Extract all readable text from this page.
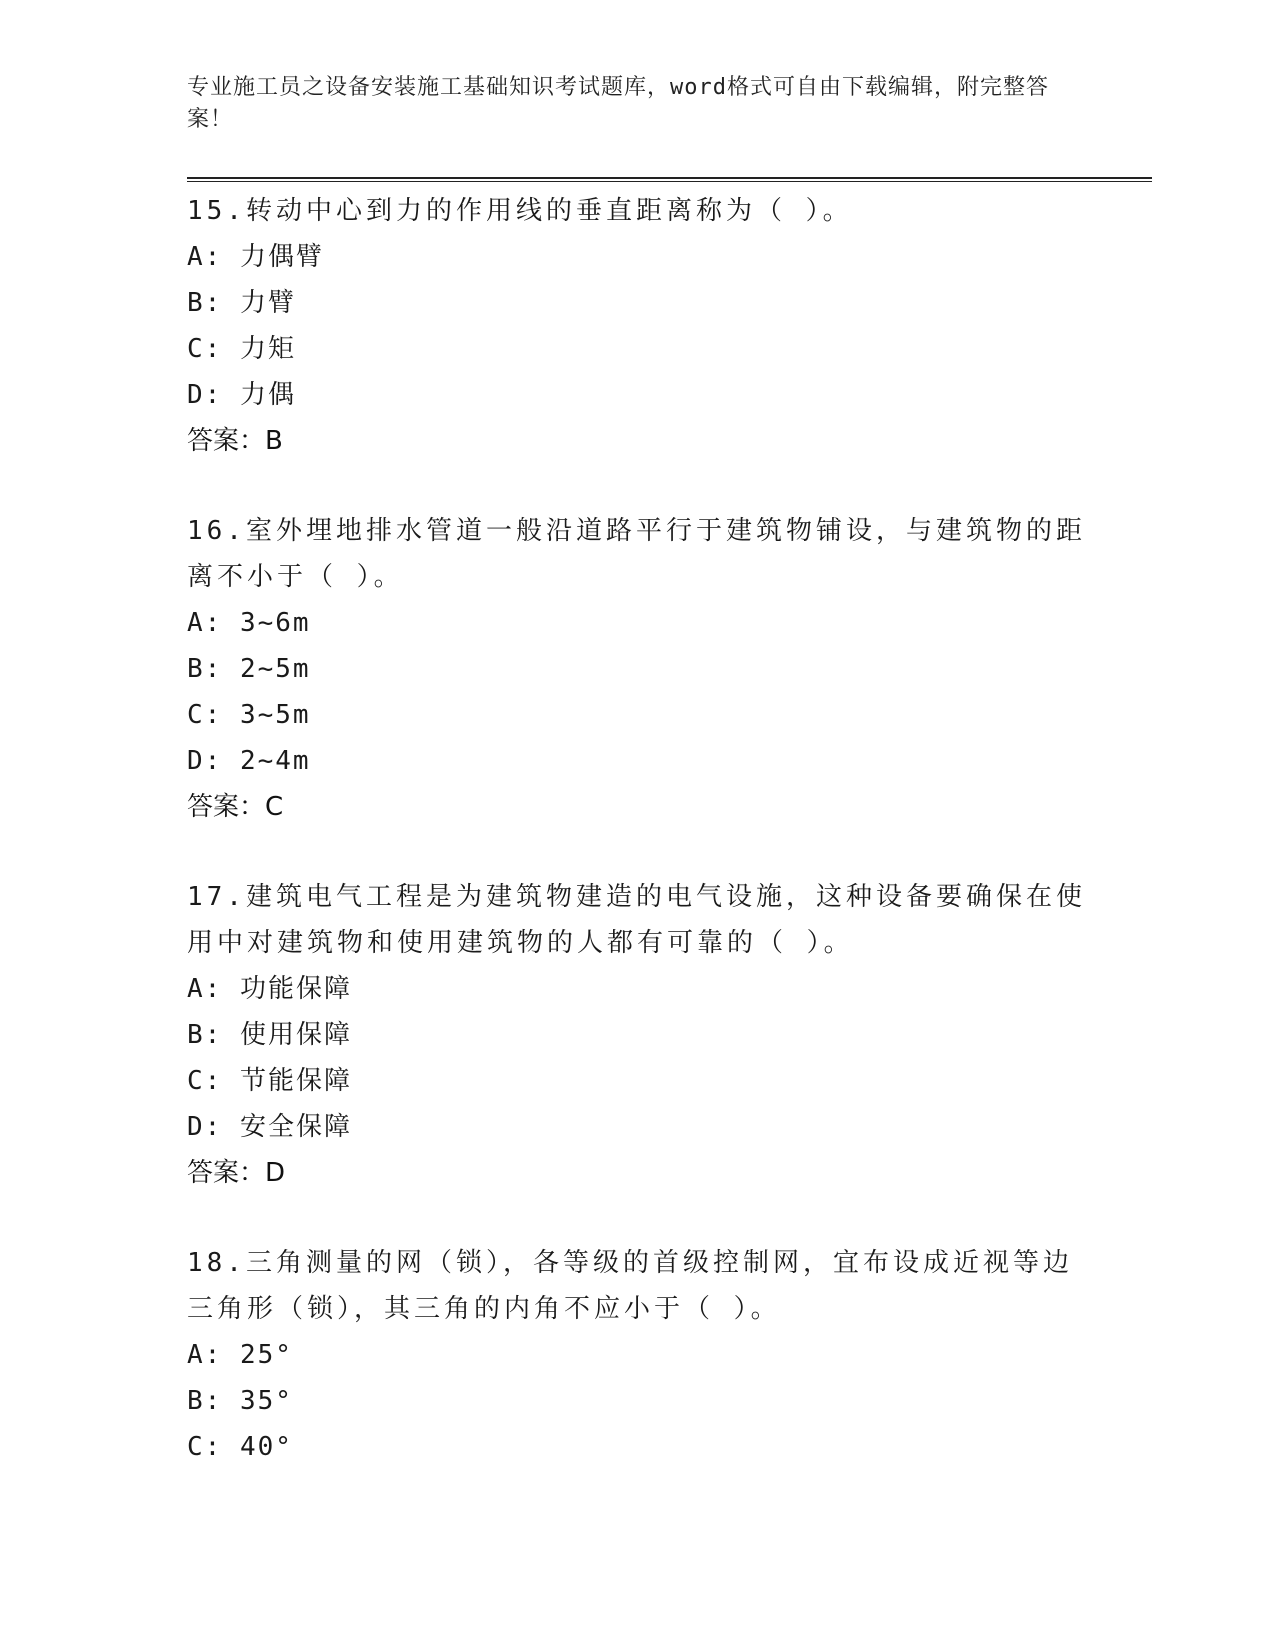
专业施工员之设备安装施工基础知识考试题库，word格式可自由下载编辑，附完整答案！
15.转动中心到力的作用线的垂直距离称为（ ）。
A: 力偶臂
B: 力臂
C: 力矩
D: 力偶
答案：B
16.室外埋地排水管道一般沿道路平行于建筑物铺设，与建筑物的距离不小于（ ）。
A: 3~6m
B: 2~5m
C: 3~5m
D: 2~4m
答案：C
17.建筑电气工程是为建筑物建造的电气设施，这种设备要确保在使用中对建筑物和使用建筑物的人都有可靠的（ ）。
A: 功能保障
B: 使用保障
C: 节能保障
D: 安全保障
答案：D
18.三角测量的网（锁），各等级的首级控制网，宜布设成近视等边三角形（锁），其三角的内角不应小于（ ）。
A: 25°
B: 35°
C: 40°
